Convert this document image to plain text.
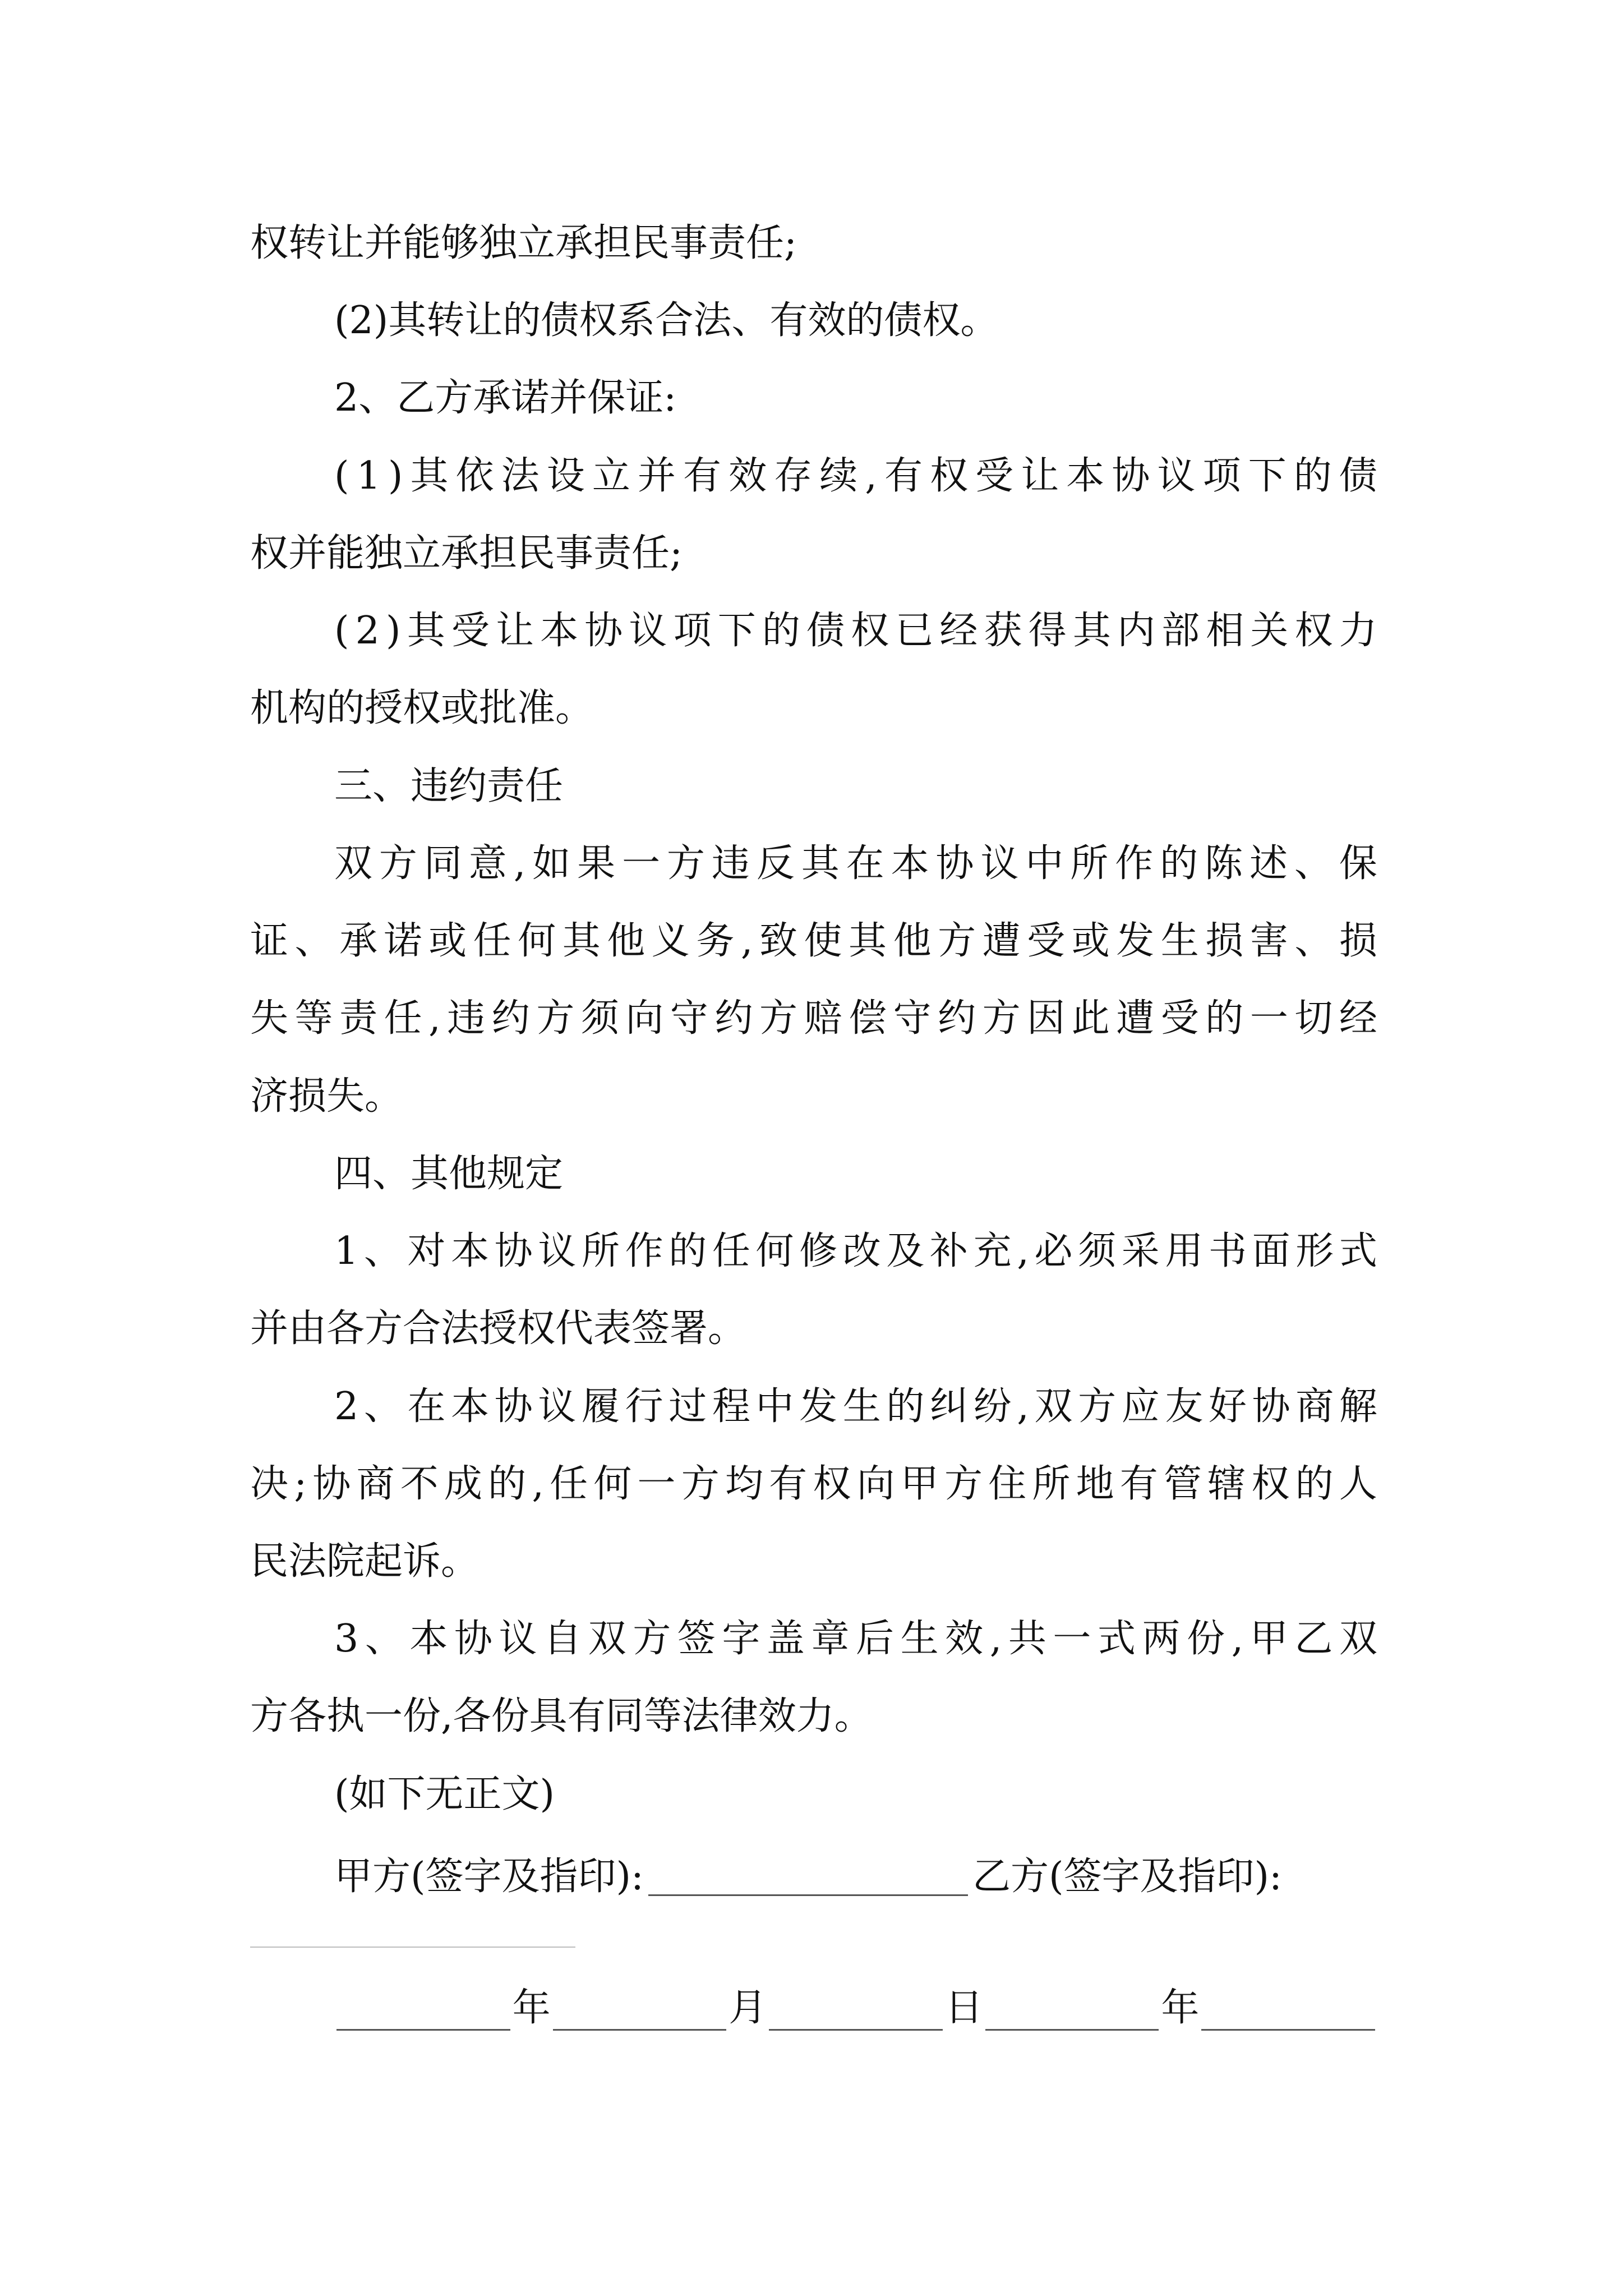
权转让并能够独立承担民事责任;
(2)其转让的债权系合法、有效的债权。
2、乙方承诺并保证:
( 1 ) 其 依 法 设 立 并 有 效 存 续 , 有 权 受 让 本 协 议 项 下 的 债
权并能独立承担民事责任;
( 2 ) 其 受 让 本 协 议 项 下 的 债 权 已 经 获 得 其 内 部 相 关 权 力
机构的授权或批准。
三、违约责任
双 方 同 意 , 如 果 一 方 违 反 其 在 本 协 议 中 所 作 的 陈 述 、 保
证 、 承 诺 或 任 何 其 他 义 务 , 致 使 其 他 方 遭 受 或 发 生 损 害 、 损
失 等 责 任 , 违 约 方 须 向 守 约 方 赔 偿 守 约 方 因 此 遭 受 的 一 切 经
济损失。
四、其他规定
1 、 对 本 协 议 所 作 的 任 何 修 改 及 补 充 , 必 须 采 用 书 面 形 式
并由各方合法授权代表签署。
2 、 在 本 协 议 履 行 过 程 中 发 生 的 纠 纷 , 双 方 应 友 好 协 商 解
决 ; 协 商 不 成 的 , 任 何 一 方 均 有 权 向 甲 方 住 所 地 有 管 辖 权 的 人
民法院起诉。
3 、 本 协 议 自 双 方 签 字 盖 章 后 生 效 , 共 一 式 两 份 , 甲 乙 双
方各执一份,各份具有同等法律效力。
(如下无正文)
甲方(签字及指印):	乙方(签字及指印):
年	月	日	年
